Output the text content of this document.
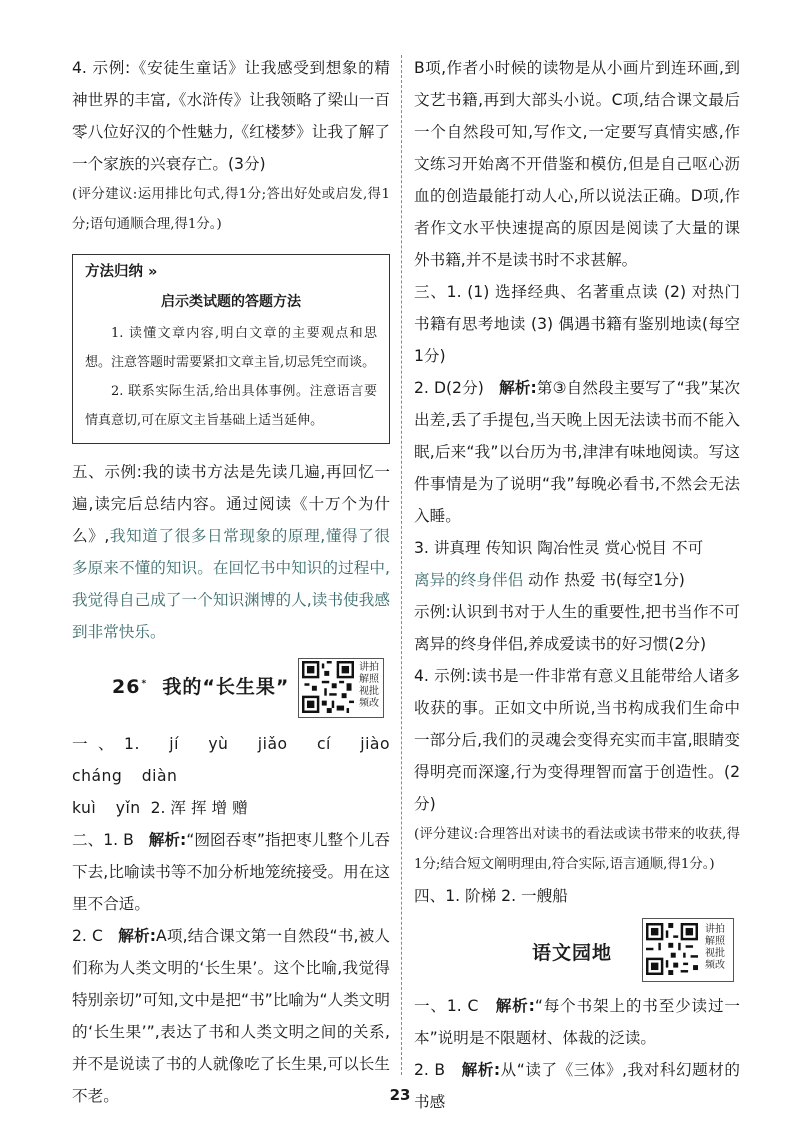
4. 示例:《安徒生童话》让我感受到想象的精神世界的丰富,《水浒传》让我领略了梁山一百零八位好汉的个性魅力,《红楼梦》让我了解了一个家族的兴衰存亡。(3分)

(评分建议:运用排比句式,得1分;答出好处或启发,得1分;语句通顺合理,得1分。)

方法归纳 »
启示类试题的答题方法

1. 读懂文章内容,明白文章的主要观点和思想。注意答题时需要紧扣文章主旨,切忌凭空而谈。

2. 联系实际生活,给出具体事例。注意语言要情真意切,可在原文主旨基础上适当延伸。

五、示例:我的读书方法是先读几遍,再回忆一遍,读完后总结内容。通过阅读《十万个为什么》,我知道了很多日常现象的原理,懂得了很多原来不懂的知识。在回忆书中知识的过程中,我觉得自己成了一个知识渊博的人,读书使我感到非常快乐。

26* 我的“长生果”
讲拍解照视批频改

一、1. jí yù jiǎo cí jiào cháng diàn

kuì yǐn 2. 浑 挥 增 赠

二、1. B 解析:“囫囵吞枣”指把枣儿整个儿吞下去,比喻读书等不加分析地笼统接受。用在这里不合适。

2. C 解析:A项,结合课文第一自然段“书,被人们称为人类文明的‘长生果’。这个比喻,我觉得特别亲切”可知,文中是把“书”比喻为“人类文明的‘长生果’”,表达了书和人类文明之间的关系,并不是说读了书的人就像吃了长生果,可以长生不老。

B项,作者小时候的读物是从小画片到连环画,到文艺书籍,再到大部头小说。C项,结合课文最后一个自然段可知,写作文,一定要写真情实感,作文练习开始离不开借鉴和模仿,但是自己呕心沥血的创造最能打动人心,所以说法正确。D项,作者作文水平快速提高的原因是阅读了大量的课外书籍,并不是读书时不求甚解。

三、1. (1) 选择经典、名著重点读 (2) 对热门书籍有思考地读 (3) 偶遇书籍有鉴别地读(每空1分)

2. D(2分) 解析:第③自然段主要写了“我”某次出差,丢了手提包,当天晚上因无法读书而不能入眠,后来“我”以台历为书,津津有味地阅读。写这件事情是为了说明“我”每晚必看书,不然会无法入睡。

3. 讲真理 传知识 陶冶性灵 赏心悦目 不可
离异的终身伴侣 动作 热爱 书(每空1分)

示例:认识到书对于人生的重要性,把书当作不可离异的终身伴侣,养成爱读书的好习惯(2分)

4. 示例:读书是一件非常有意义且能带给人诸多收获的事。正如文中所说,当书构成我们生命中一部分后,我们的灵魂会变得充实而丰富,眼睛变得明亮而深邃,行为变得理智而富于创造性。(2分)

(评分建议:合理答出对读书的看法或读书带来的收获,得1分;结合短文阐明理由,符合实际,语言通顺,得1分。)

四、1. 阶梯 2. 一艘船

语文园地
讲拍解照视批频改

一、1. C 解析:“每个书架上的书至少读过一本”说明是不限题材、体裁的泛读。

2. B 解析:从“读了《三体》,我对科幻题材的书感

23
